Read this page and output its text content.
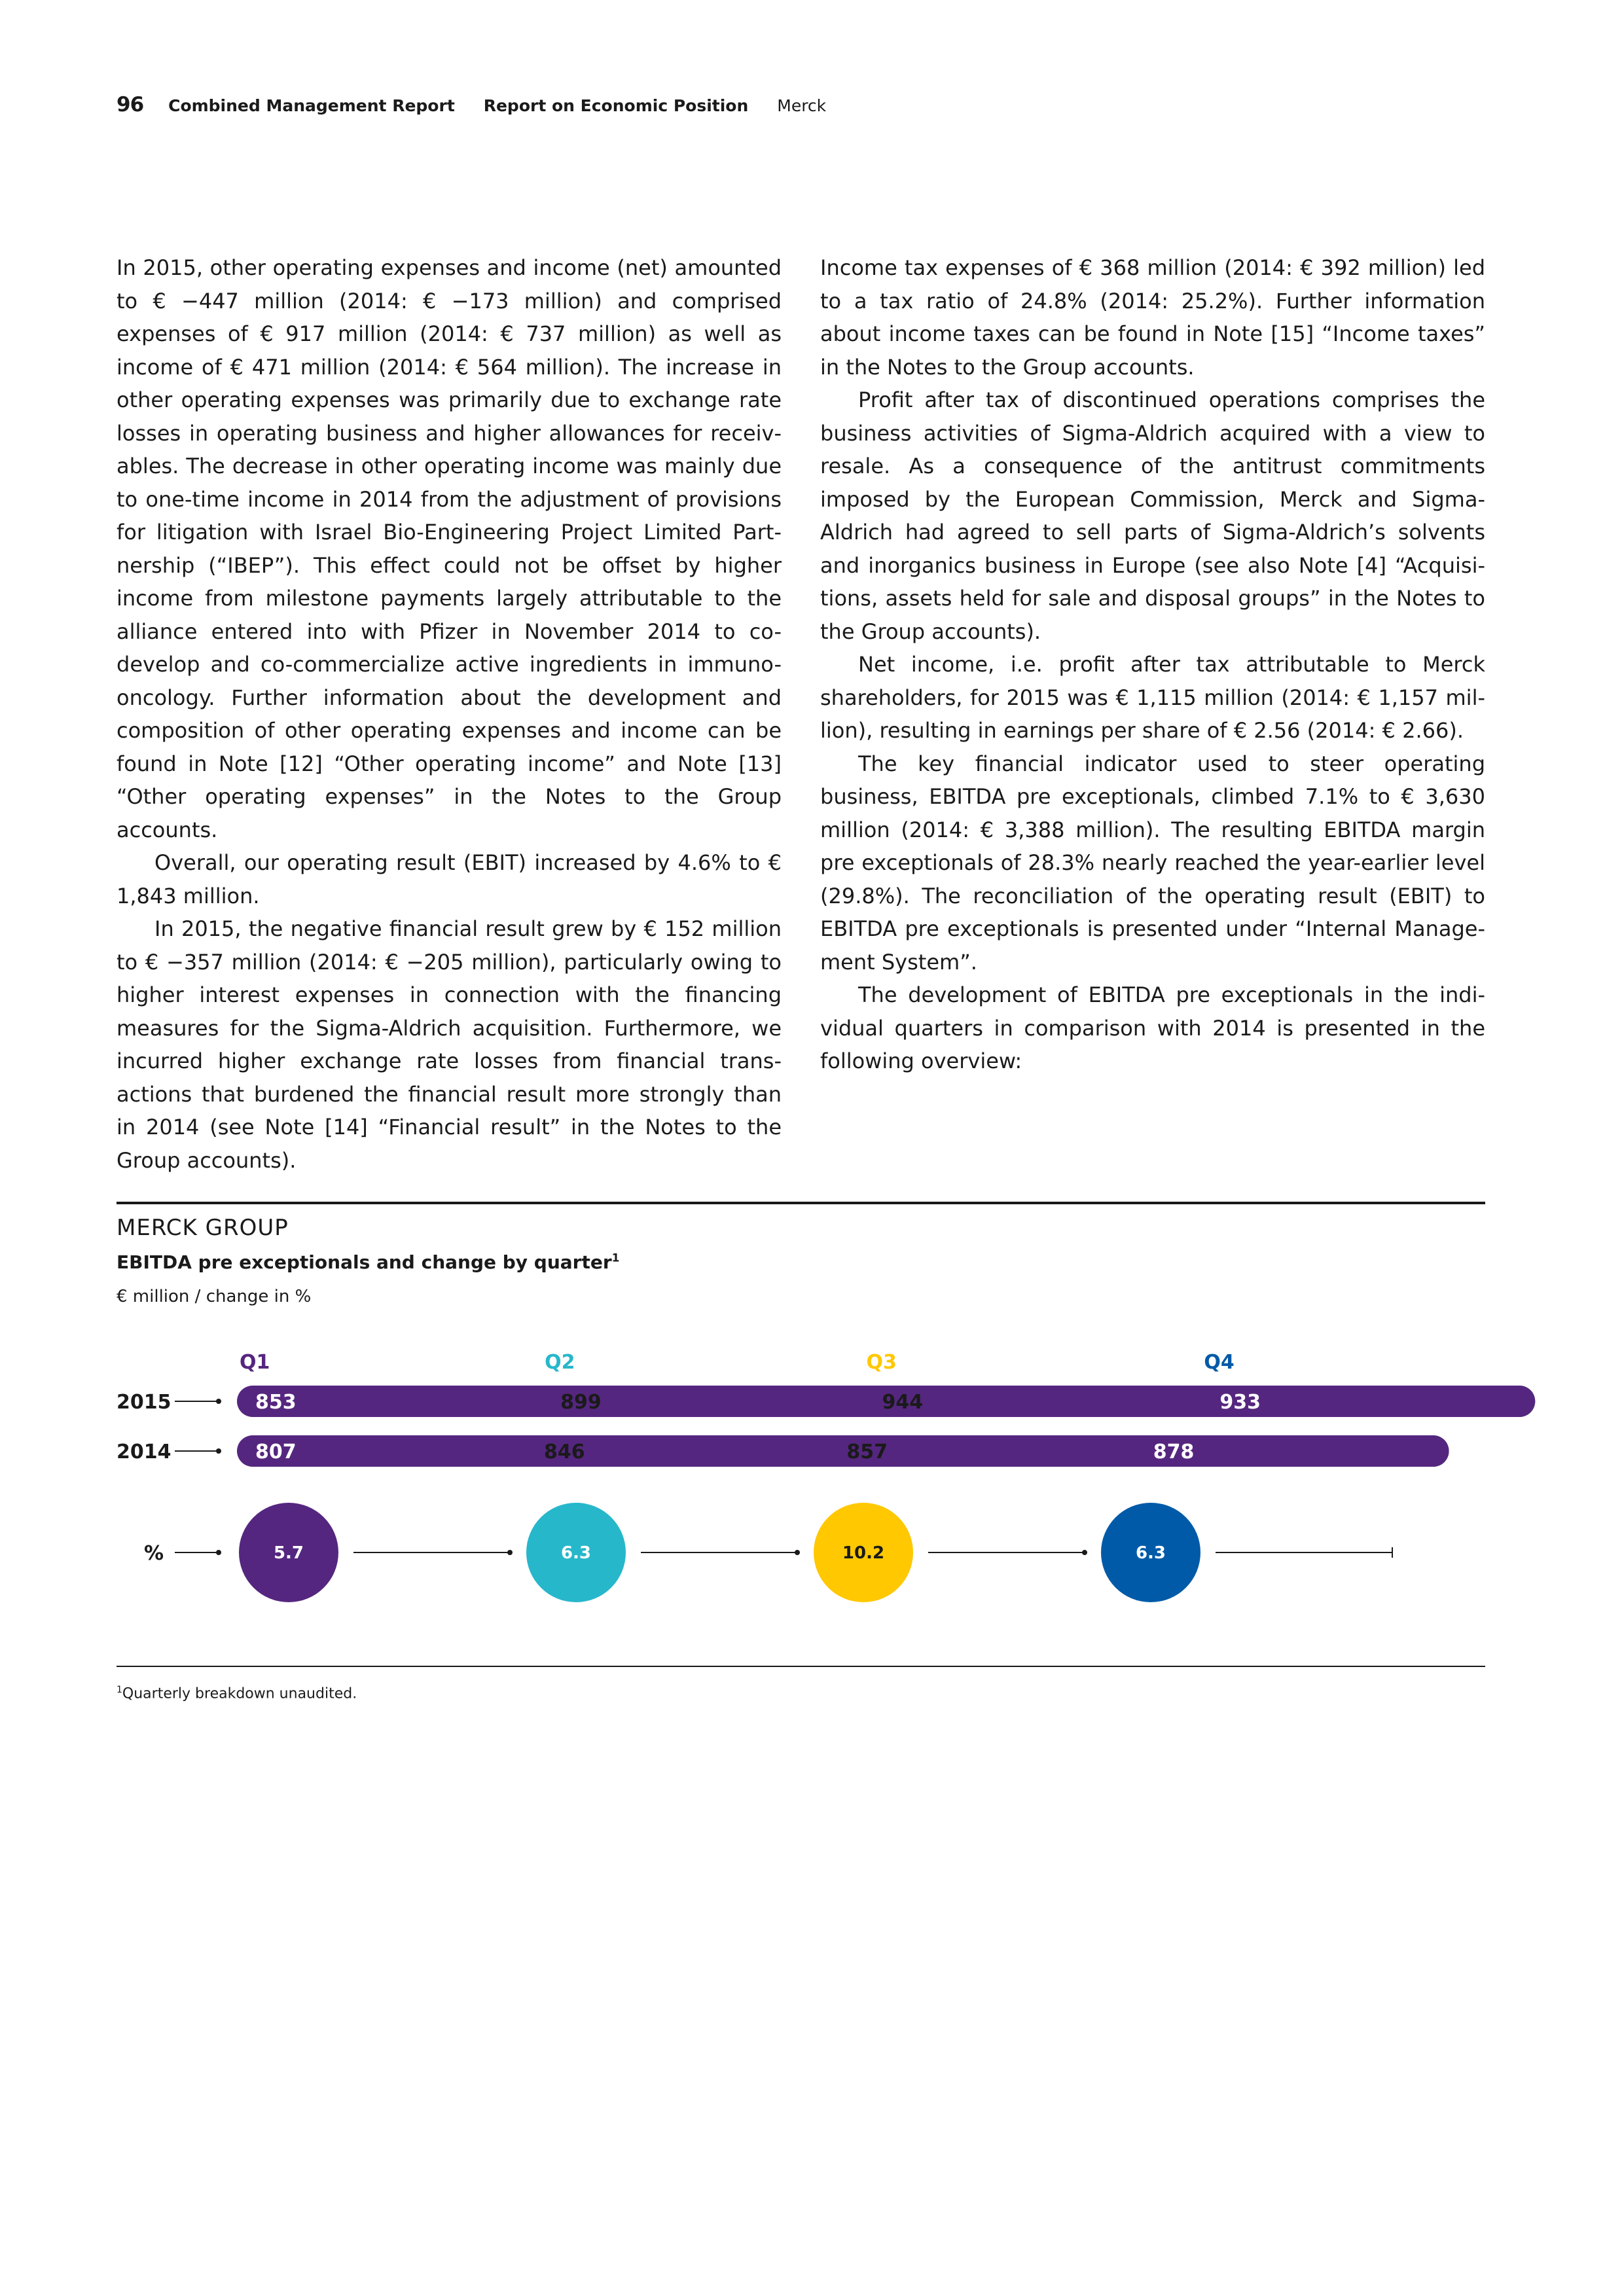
96 Combined Management Report Report on Economic Position Merck

In 2015, other operating expenses and income (net) amounted to € −447 million (2014: € −173 million) and comprised expenses of € 917 million (2014: € 737 million) as well as income of € 471 million (2014: € 564 million). The increase in other operating expenses was primarily due to exchange rate losses in operating business and higher allowances for receivables. The decrease in other operating income was mainly due to one-time income in 2014 from the adjustment of provisions for litigation with Israel Bio-Engineering Project Limited Partnership (“IBEP”). This effect could not be offset by higher income from milestone payments largely attributable to the alliance entered into with Pfizer in November 2014 to co-develop and co-commercialize active ingredients in immuno-oncology. Further information about the development and composition of other operating expenses and income can be found in Note [12] “Other operating income” and Note [13] “Other operating expenses” in the Notes to the Group accounts.

Overall, our operating result (EBIT) increased by 4.6% to € 1,843 million.

In 2015, the negative financial result grew by € 152 million to € −357 million (2014: € −205 million), particularly owing to higher interest expenses in connection with the financing measures for the Sigma-Aldrich acquisition. Furthermore, we incurred higher exchange rate losses from financial transactions that burdened the financial result more strongly than in 2014 (see Note [14] “Financial result” in the Notes to the Group accounts).

Income tax expenses of € 368 million (2014: € 392 million) led to a tax ratio of 24.8% (2014: 25.2%). Further information about income taxes can be found in Note [15] “Income taxes” in the Notes to the Group accounts.

Profit after tax of discontinued operations comprises the business activities of Sigma-Aldrich acquired with a view to resale. As a consequence of the antitrust commitments imposed by the European Commission, Merck and Sigma-Aldrich had agreed to sell parts of Sigma-Aldrich’s solvents and inorganics business in Europe (see also Note [4] “Acquisitions, assets held for sale and disposal groups” in the Notes to the Group accounts).

Net income, i.e. profit after tax attributable to Merck shareholders, for 2015 was € 1,115 million (2014: € 1,157 million), resulting in earnings per share of € 2.56 (2014: € 2.66).

The key financial indicator used to steer operating business, EBITDA pre exceptionals, climbed 7.1% to € 3,630 million (2014: € 3,388 million). The resulting EBITDA margin pre exceptionals of 28.3% nearly reached the year-earlier level (29.8%). The reconciliation of the operating result (EBIT) to EBITDA pre exceptionals is presented under “Internal Management System”.

The development of EBITDA pre exceptionals in the individual quarters in comparison with 2014 is presented in the following overview:

MERCK GROUP
EBITDA pre exceptionals and change by quarter$^1$
€ million / change in %
Q1	Q2	Q3	Q4
2015	853	899	944	933
2014	807	846	857	878
%	5.7	6.3	10.2	6.3
$^1$Quarterly breakdown unaudited.
